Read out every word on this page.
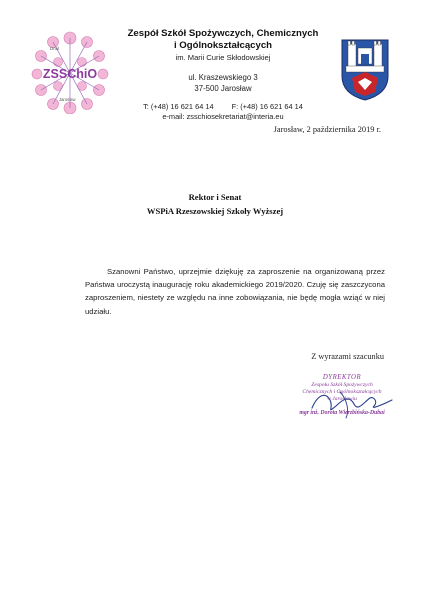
Dnal
Jaroslaw
ZSSChiO
Zespół Szkół Spożywczych, Chemicznych
i Ogólnokształcących
im. Marii Curie Skłodowskiej
ul. Kraszewskiego 3
37-500 Jarosław
T: (+48) 16 621 64 14 F: (+48) 16 621 64 14
e-mail: zsschiosekretariat@interia.eu
Jarosław, 2 października 2019 r.
Rektor i Senat
WSPiA Rzeszowskiej Szkoły Wyższej

Szanowni Państwo, uprzejmie dziękuję za zaproszenie na organizowaną przez Państwa uroczystą inaugurację roku akademickiego 2019/2020. Czuję się zaszczycona zaproszeniem, niestety ze względu na inne zobowiązania, nie będę mogła wziąć w niej udziału.

Z wyrazami szacunku
DYREKTOR
Zespołu Szkół Spożywczych
Chemicznych i Ogólnokształcących
w Jarosławiu
mgr inż. Dorota Wierzbińska-Dubai
